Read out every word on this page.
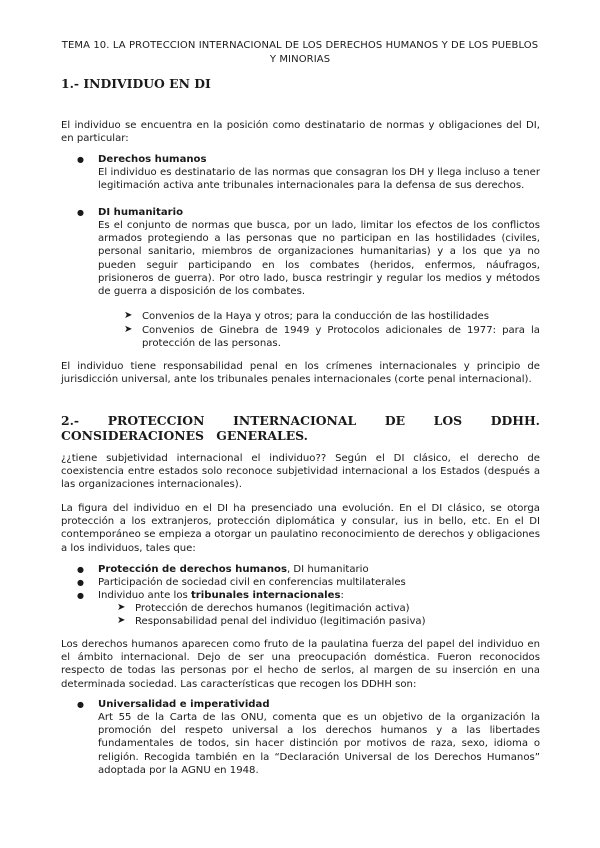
TEMA 10. LA PROTECCION INTERNACIONAL DE LOS DERECHOS HUMANOS Y DE LOS PUEBLOS Y MINORIAS
1.- INDIVIDUO EN DI

El individuo se encuentra en la posición como destinatario de normas y obligaciones del DI, en particular:

● Derechos humanos

El individuo es destinatario de las normas que consagran los DH y llega incluso a tener legitimación activa ante tribunales internacionales para la defensa de sus derechos.

● DI humanitario

Es el conjunto de normas que busca, por un lado, limitar los efectos de los conflictos armados protegiendo a las personas que no participan en las hostilidades (civiles, personal sanitario, miembros de organizaciones humanitarias) y a los que ya no pueden seguir participando en los combates (heridos, enfermos, náufragos, prisioneros de guerra). Por otro lado, busca restringir y regular los medios y métodos de guerra a disposición de los combates.

➤ Convenios de la Haya y otros; para la conducción de las hostilidades
➤ Convenios de Ginebra de 1949 y Protocolos adicionales de 1977: para la protección de las personas.

El individuo tiene responsabilidad penal en los crímenes internacionales y principio de jurisdicción universal, ante los tribunales penales internacionales (corte penal internacional).

2.- PROTECCION INTERNACIONAL DE LOS DDHH. CONSIDERACIONES GENERALES.

¿¿tiene subjetividad internacional el individuo?? Según el DI clásico, el derecho de coexistencia entre estados solo reconoce subjetividad internacional a los Estados (después a las organizaciones internacionales).

La figura del individuo en el DI ha presenciado una evolución. En el DI clásico, se otorga protección a los extranjeros, protección diplomática y consular, ius in bello, etc. En el DI contemporáneo se empieza a otorgar un paulatino reconocimiento de derechos y obligaciones a los individuos, tales que:

● Protección de derechos humanos, DI humanitario
● Participación de sociedad civil en conferencias multilaterales
● Individuo ante los tribunales internacionales:
➤ Protección de derechos humanos (legitimación activa)
➤ Responsabilidad penal del individuo (legitimación pasiva)

Los derechos humanos aparecen como fruto de la paulatina fuerza del papel del individuo en el ámbito internacional. Dejo de ser una preocupación doméstica. Fueron reconocidos respecto de todas las personas por el hecho de serlos, al margen de su inserción en una determinada sociedad. Las características que recogen los DDHH son:

● Universalidad e imperatividad

Art 55 de la Carta de las ONU, comenta que es un objetivo de la organización la promoción del respeto universal a los derechos humanos y a las libertades fundamentales de todos, sin hacer distinción por motivos de raza, sexo, idioma o religión. Recogida también en la “Declaración Universal de los Derechos Humanos” adoptada por la AGNU en 1948.
